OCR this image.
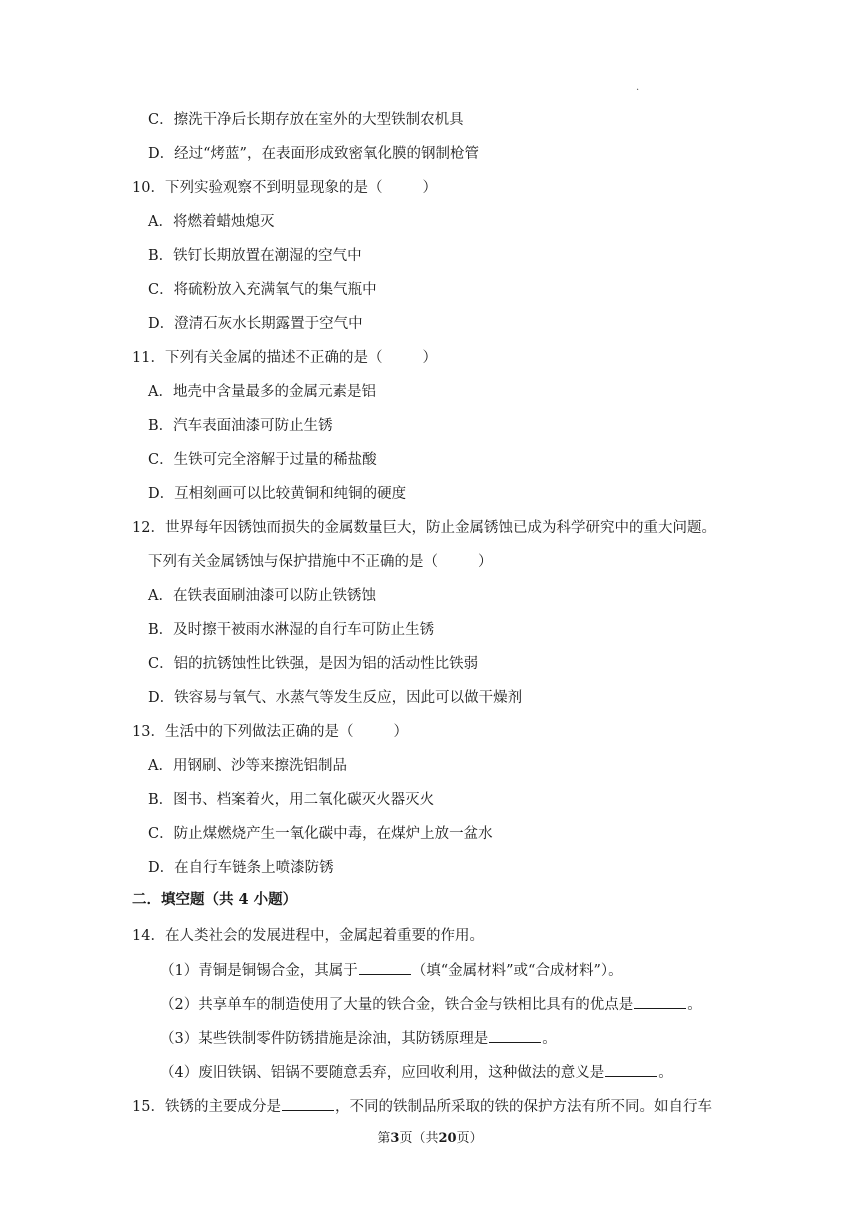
.
C．擦洗干净后长期存放在室外的大型铁制农机具
D．经过“烤蓝”，在表面形成致密氧化膜的钢制枪管
10．下列实验观察不到明显现象的是（	）
A．将燃着蜡烛熄灭
B．铁钉长期放置在潮湿的空气中
C．将硫粉放入充满氧气的集气瓶中
D．澄清石灰水长期露置于空气中
11．下列有关金属的描述不正确的是（	）
A．地壳中含量最多的金属元素是铝
B．汽车表面油漆可防止生锈
C．生铁可完全溶解于过量的稀盐酸
D．互相刻画可以比较黄铜和纯铜的硬度
12．世界每年因锈蚀而损失的金属数量巨大，防止金属锈蚀已成为科学研究中的重大问题。
下列有关金属锈蚀与保护措施中不正确的是（	）
A．在铁表面刷油漆可以防止铁锈蚀
B．及时擦干被雨水淋湿的自行车可防止生锈
C．铝的抗锈蚀性比铁强，是因为铝的活动性比铁弱
D．铁容易与氧气、水蒸气等发生反应，因此可以做干燥剂
13．生活中的下列做法正确的是（	）
A．用钢刷、沙等来擦洗铝制品
B．图书、档案着火，用二氧化碳灭火器灭火
C．防止煤燃烧产生一氧化碳中毒，在煤炉上放一盆水
D．在自行车链条上喷漆防锈
二．填空题（共 4 小题）
14．在人类社会的发展进程中，金属起着重要的作用。
（1）青铜是铜锡合金，其属于	（填“金属材料”或“合成材料”）。
（2）共享单车的制造使用了大量的铁合金，铁合金与铁相比具有的优点是	。
（3）某些铁制零件防锈措施是涂油，其防锈原理是	。
（4）废旧铁锅、铝锅不要随意丢弃，应回收利用，这种做法的意义是	。
15．铁锈的主要成分是	，不同的铁制品所采取的铁的保护方法有所不同。如自行车
第3页（共20页）
